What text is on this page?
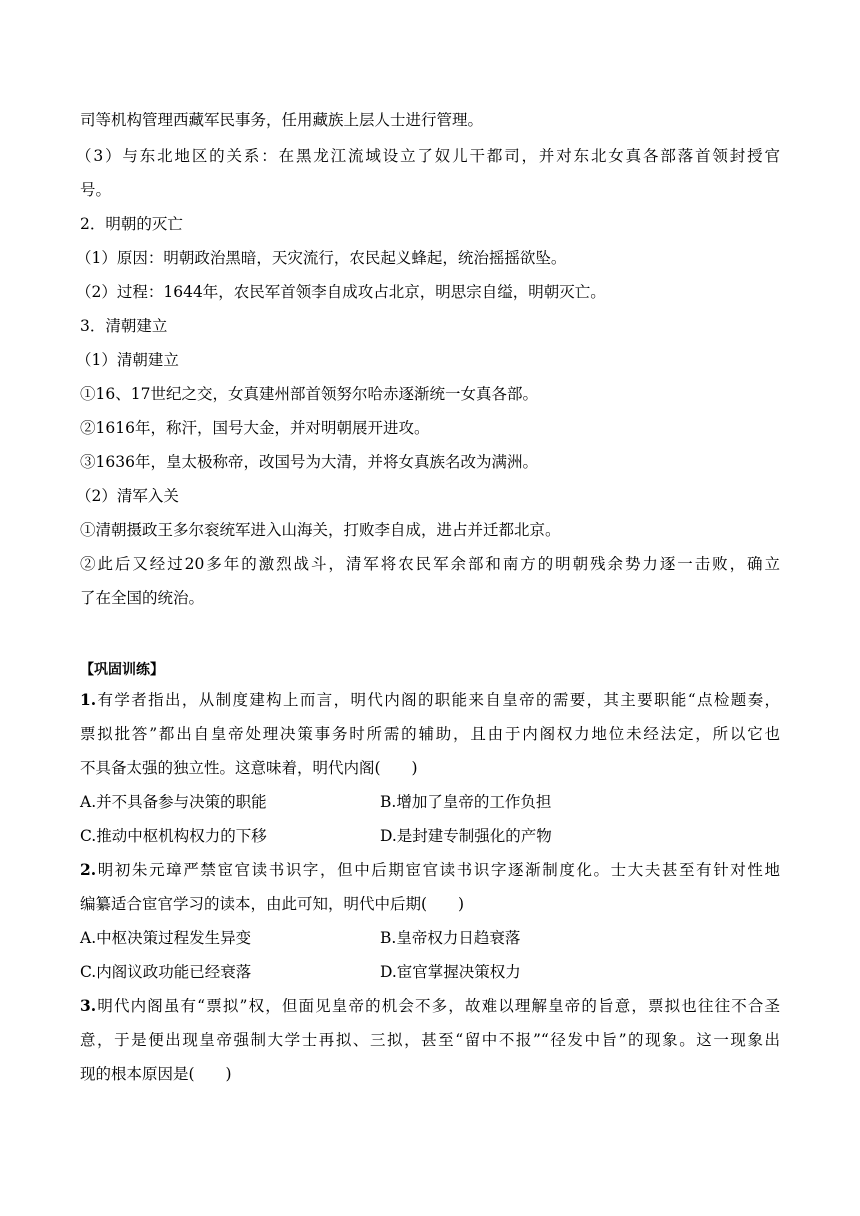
司等机构管理西藏军民事务，任用藏族上层人士进行管理。
（3）与东北地区的关系：在黑龙江流域设立了奴儿干都司，并对东北女真各部落首领封授官
号。
2．明朝的灭亡
（1）原因：明朝政治黑暗，天灾流行，农民起义蜂起，统治摇摇欲坠。
（2）过程：1644年，农民军首领李自成攻占北京，明思宗自缢，明朝灭亡。
3．清朝建立
（1）清朝建立
①16、17世纪之交，女真建州部首领努尔哈赤逐渐统一女真各部。
②1616年，称汗，国号大金，并对明朝展开进攻。
③1636年，皇太极称帝，改国号为大清，并将女真族名改为满洲。
（2）清军入关
①清朝摄政王多尔衮统军进入山海关，打败李自成，进占并迁都北京。
②此后又经过20多年的激烈战斗，清军将农民军余部和南方的明朝残余势力逐一击败，确立
了在全国的统治。
【巩固训练】
1.有学者指出，从制度建构上而言，明代内阁的职能来自皇帝的需要，其主要职能“点检题奏，
票拟批答”都出自皇帝处理决策事务时所需的辅助，且由于内阁权力地位未经法定，所以它也
不具备太强的独立性。这意味着，明代内阁(　　)
A.并不具备参与决策的职能	B.增加了皇帝的工作负担
C.推动中枢机构权力的下移	D.是封建专制强化的产物
2.明初朱元璋严禁宦官读书识字，但中后期宦官读书识字逐渐制度化。士大夫甚至有针对性地
编纂适合宦官学习的读本，由此可知，明代中后期(　　)
A.中枢决策过程发生异变	B.皇帝权力日趋衰落
C.内阁议政功能已经衰落	D.宦官掌握决策权力
3.明代内阁虽有“票拟”权，但面见皇帝的机会不多，故难以理解皇帝的旨意，票拟也往往不合圣
意，于是便出现皇帝强制大学士再拟、三拟，甚至“留中不报”“径发中旨”的现象。这一现象出
现的根本原因是(　　)
